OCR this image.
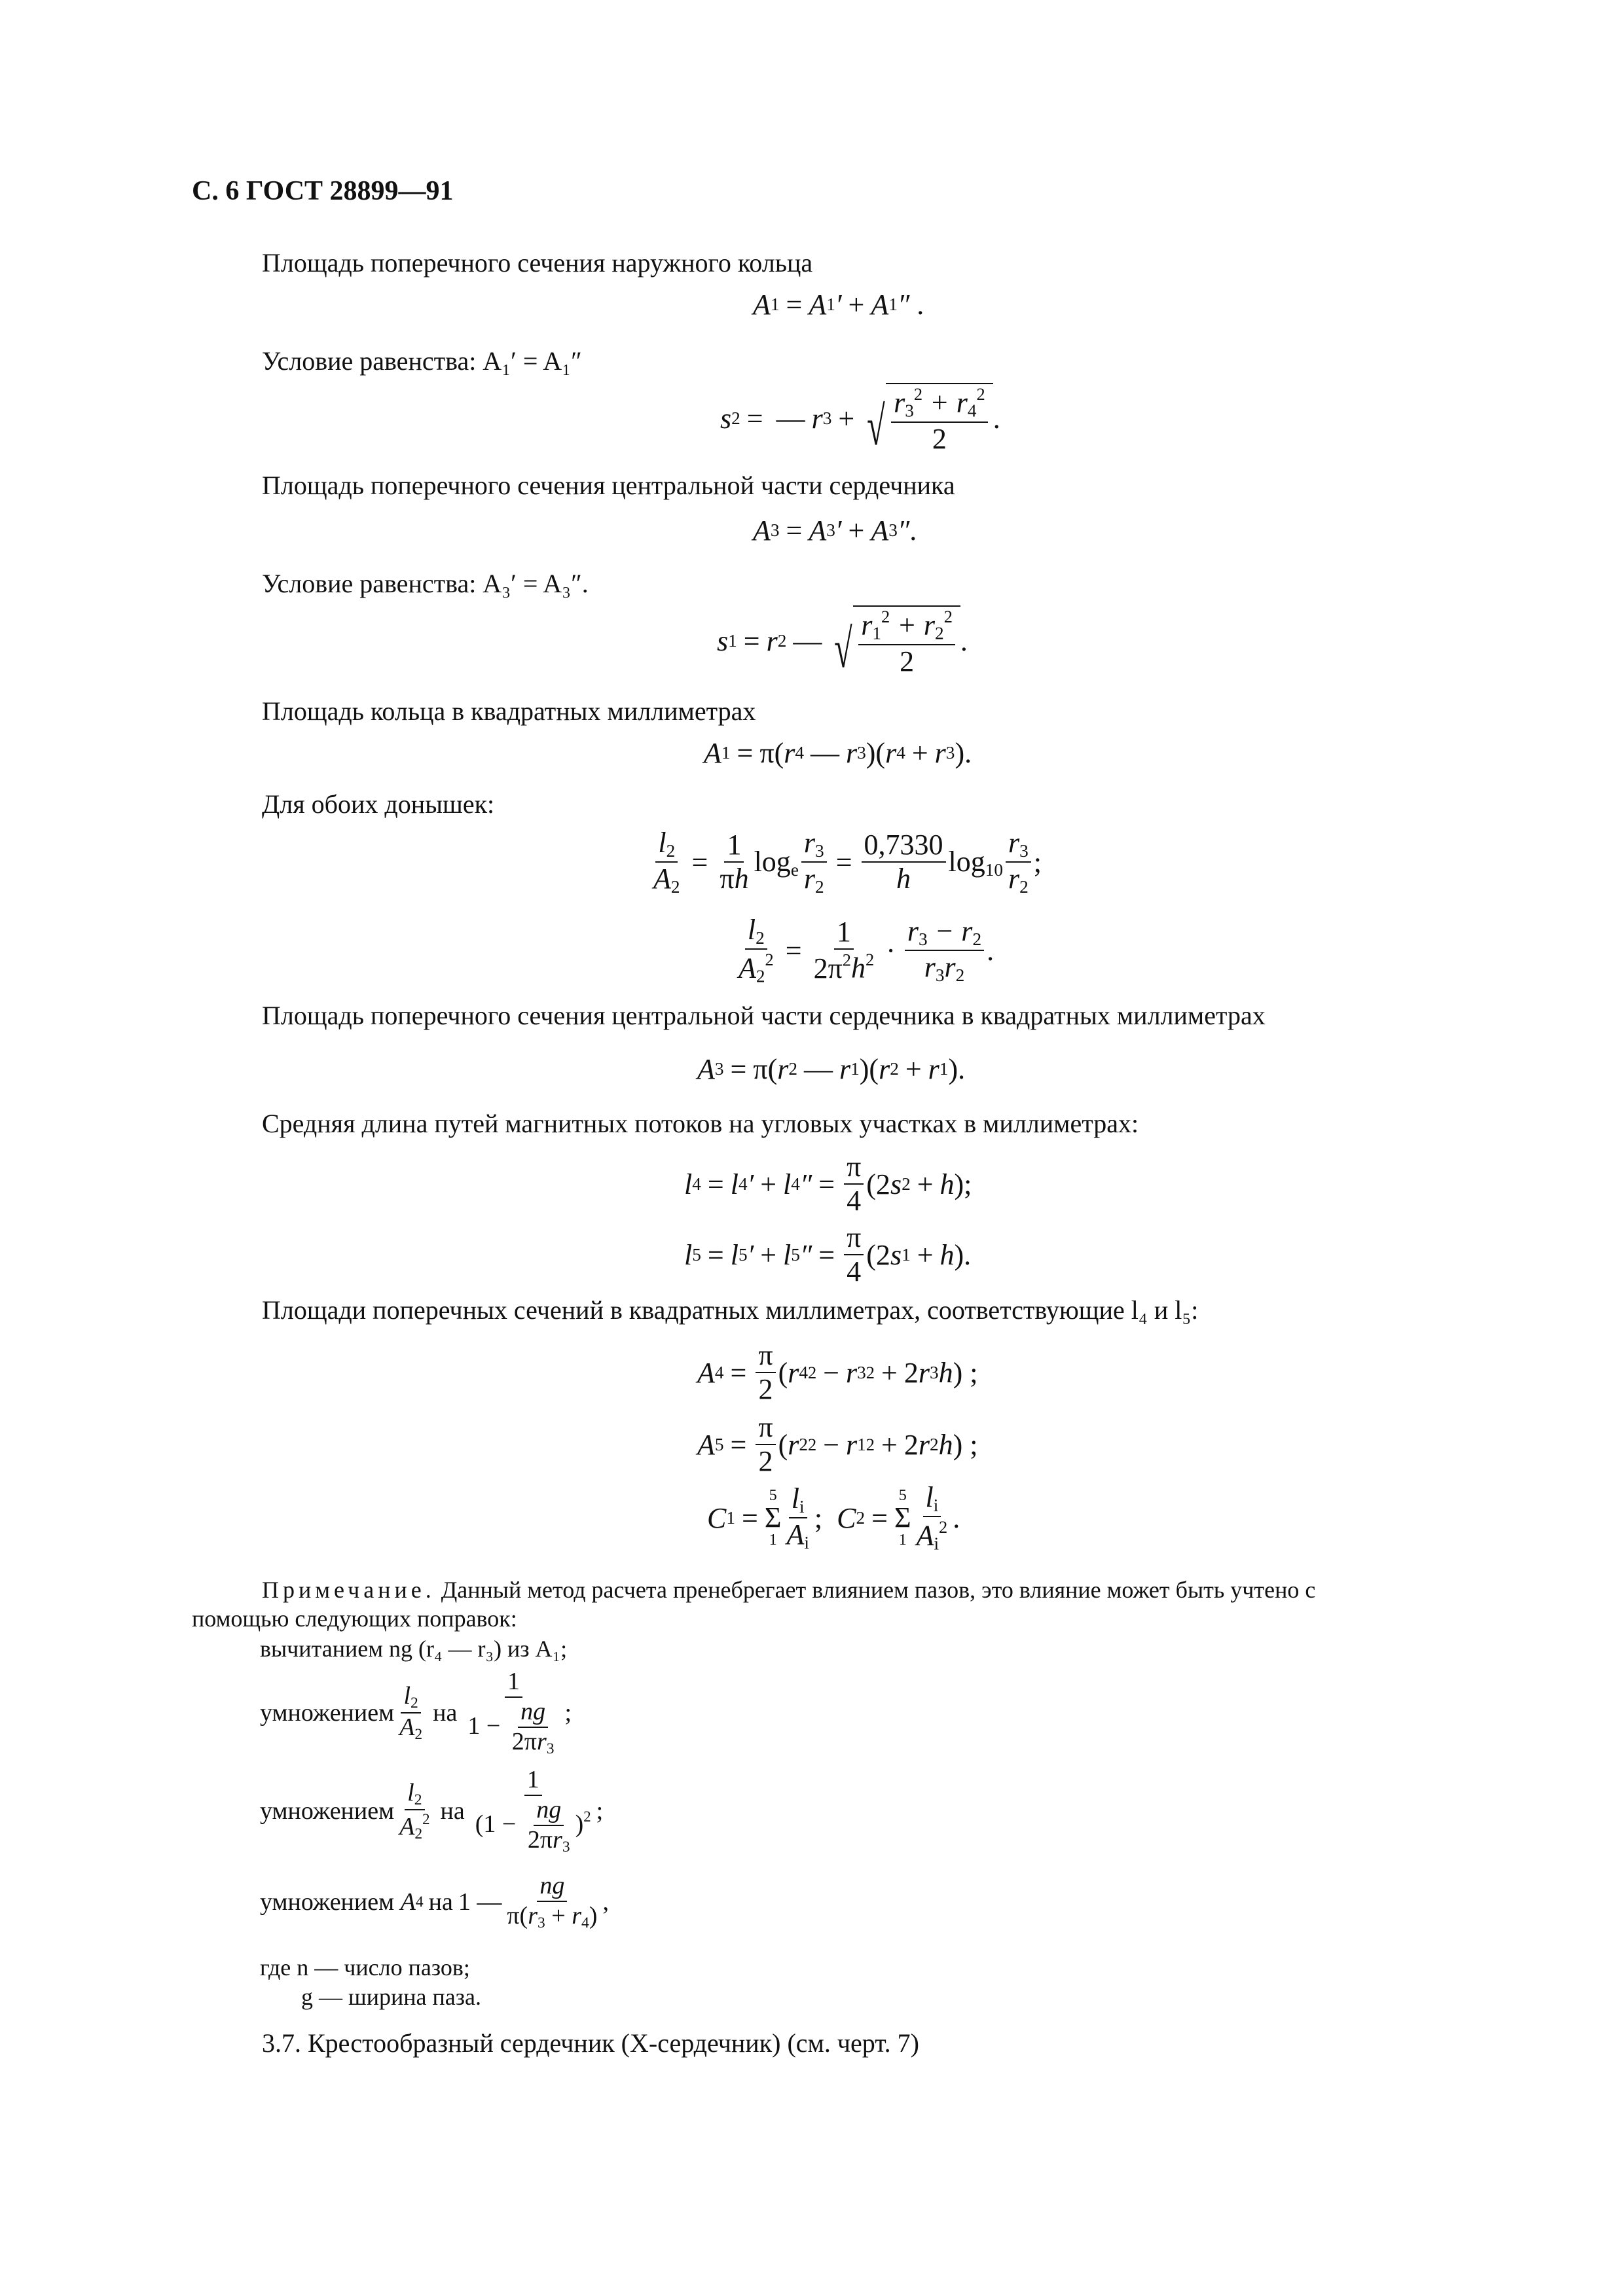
С. 6 ГОСТ 28899—91
Площадь поперечного сечения наружного кольца
A 1 = A 1 ′ + A 1 ″ .
Условие равенства: A₁′ = A₁″
s 2 = — r 3 + √ $\frac{r_3^2 + r_4^2}{2}$ .
Площадь поперечного сечения центральной части сердечника
A 3 = A 3 ′ + A 3 ″ .
Условие равенства: A₃′ = A₃″.
s 1 = r 2 — √ $\frac{r_1^2 + r_2^2}{2}$ .
Площадь кольца в квадратных миллиметрах
A 1 = π( r 4 — r 3 )( r 4 + r 3 ).
Для обоих донышек:
$\frac{l_2}{A_2} = \frac{1}{\pi h} \log_e \frac{r_3}{r_2} = \frac{0,7330}{h} \log_{10} \frac{r_3}{r_2}$ ;
$\frac{l_2}{A_2^2} = \frac{1}{2\pi^2h^2} \cdot \frac{r_3 - r_2}{r_3r_2}$ .
Площадь поперечного сечения центральной части сердечника в квадратных миллиметрах
A 3 = π( r 2 — r 1 )( r 2 + r 1 ).
Средняя длина путей магнитных потоков на угловых участках в миллиметрах:
l 4 = l 4 ′ + l 4 ″ = $\frac{\pi}{4} (2$ s 2 + h );
l 5 = l 5 ′ + l 5 ″ = $\frac{\pi}{4} (2$ s 1 + h ).
Площади поперечных сечений в квадратных миллиметрах, соответствующие l₄ и l₅:
A $4 = \frac{\pi}{2}$ ( r 4 2 − r 3 2 + 2 r 3 h ) ;
A $5 = \frac{\pi}{2}$ ( r 2 2 − r 1 2 + 2 r 2 h ) ;
C 1 =
5
Σ
$1 \frac{l_i}{A_i}$ ; C 2 =
5
Σ
$1 \frac{l_i}{A_i^2}$ .
Примечание. Данный метод расчета пренебрегает влиянием пазов, это влияние может быть учтено с
помощью следующих поправок:
вычитанием ng (r₄ — r₃) из A₁;
умножением $\frac{l_2}{A_2}$ на $\frac{1}{1 - \frac{ng}{2\pi r_3}}$ ;
умножением $\frac{l_2}{A_2^2}$ на $\frac{1}{(1 - \frac{ng}{2\pi r_3} )^2}$ ;
умножением A 4 на 1 — $\frac{ng}{\pi(r_3 + r_4)}$ ,
где n — число пазов;
g — ширина паза.
3.7. Крестообразный сердечник (Х-сердечник) (см. черт. 7)
